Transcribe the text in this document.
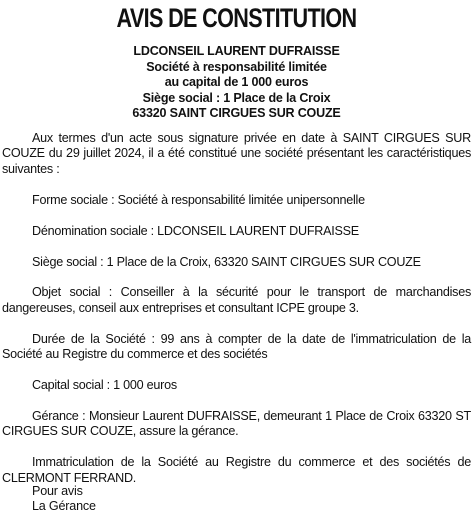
AVIS DE CONSTITUTION
LDCONSEIL LAURENT DUFRAISSE
Société à responsabilité limitée
au capital de 1 000 euros
Siège social : 1 Place de la Croix
63320 SAINT CIRGUES SUR COUZE

Aux termes d'un acte sous signature privée en date à SAINT CIRGUES SUR COUZE du 29 juillet 2024, il a été constitué une société présentant les caractéristiques suivantes :

Forme sociale : Société à responsabilité limitée unipersonnelle

Dénomination sociale : LDCONSEIL LAURENT DUFRAISSE

Siège social : 1 Place de la Croix, 63320 SAINT CIRGUES SUR COUZE

Objet social : Conseiller à la sécurité pour le transport de marchandises dangereuses, conseil aux entreprises et consultant ICPE groupe 3.

Durée de la Société : 99 ans à compter de la date de l'immatriculation de la Société au Registre du commerce et des sociétés

Capital social : 1 000 euros

Gérance : Monsieur Laurent DUFRAISSE, demeurant 1 Place de Croix 63320 ST CIRGUES SUR COUZE, assure la gérance.

Immatriculation de la Société au Registre du commerce et des sociétés de CLERMONT FERRAND.

Pour avis
La Gérance
